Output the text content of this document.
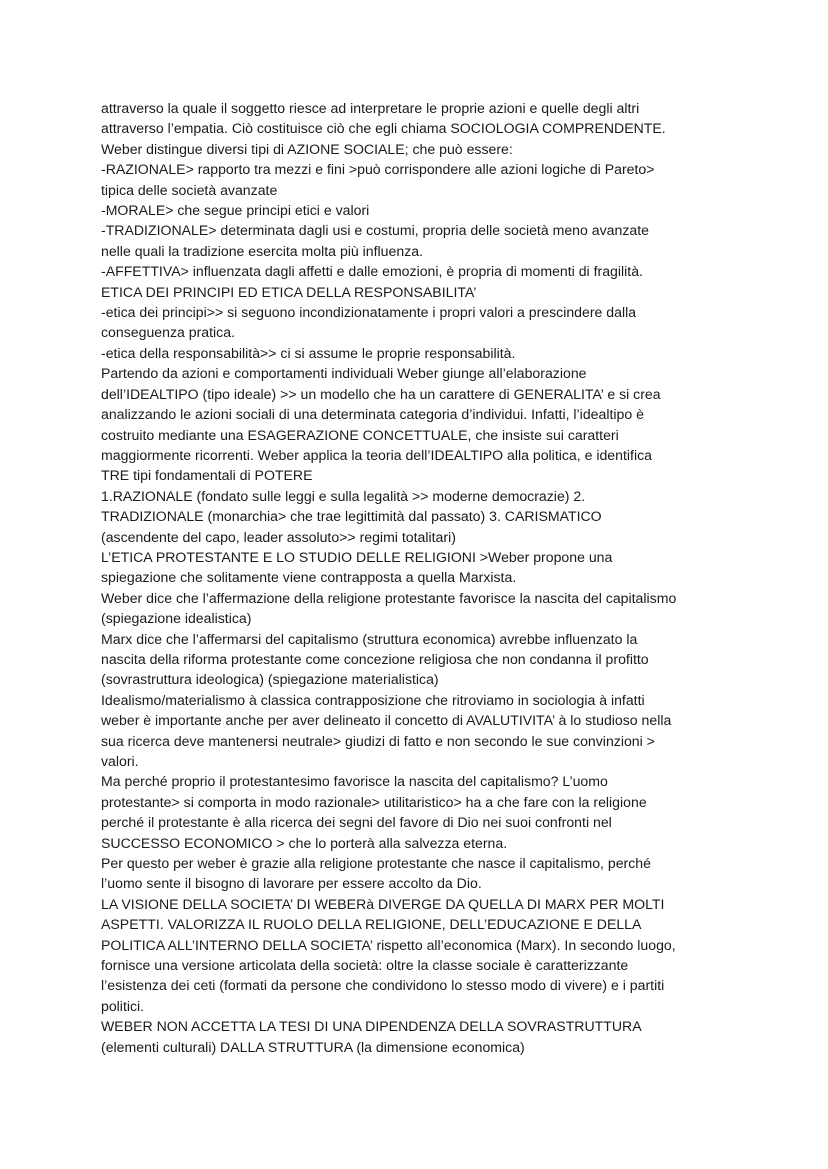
attraverso la quale il soggetto riesce ad interpretare le proprie azioni e quelle degli altri

attraverso l’empatia. Ciò costituisce ciò che egli chiama SOCIOLOGIA COMPRENDENTE.

Weber distingue diversi tipi di AZIONE SOCIALE; che può essere:

-RAZIONALE> rapporto tra mezzi e fini >può corrispondere alle azioni logiche di Pareto>

tipica delle società avanzate

-MORALE> che segue principi etici e valori

-TRADIZIONALE> determinata dagli usi e costumi, propria delle società meno avanzate

nelle quali la tradizione esercita molta più influenza.

-AFFETTIVA> influenzata dagli affetti e dalle emozioni, è propria di momenti di fragilità.

ETICA DEI PRINCIPI ED ETICA DELLA RESPONSABILITA’

-etica dei principi>> si seguono incondizionatamente i propri valori a prescindere dalla

conseguenza pratica.

-etica della responsabilità>> ci si assume le proprie responsabilità.

Partendo da azioni e comportamenti individuali Weber giunge all’elaborazione

dell’IDEALTIPO (tipo ideale) >> un modello che ha un carattere di GENERALITA’ e si crea

analizzando le azioni sociali di una determinata categoria d’individui. Infatti, l’idealtipo è

costruito mediante una ESAGERAZIONE CONCETTUALE, che insiste sui caratteri

maggiormente ricorrenti. Weber applica la teoria dell’IDEALTIPO alla politica, e identifica

TRE tipi fondamentali di POTERE

1.RAZIONALE (fondato sulle leggi e sulla legalità >> moderne democrazie) 2.

TRADIZIONALE (monarchia> che trae legittimità dal passato) 3. CARISMATICO

(ascendente del capo, leader assoluto>> regimi totalitari)

L’ETICA PROTESTANTE E LO STUDIO DELLE RELIGIONI >Weber propone una

spiegazione che solitamente viene contrapposta a quella Marxista.

Weber dice che l’affermazione della religione protestante favorisce la nascita del capitalismo

(spiegazione idealistica)

Marx dice che l’affermarsi del capitalismo (struttura economica) avrebbe influenzato la

nascita della riforma protestante come concezione religiosa che non condanna il profitto

(sovrastruttura ideologica) (spiegazione materialistica)

Idealismo/materialismo à classica contrapposizione che ritroviamo in sociologia à infatti

weber è importante anche per aver delineato il concetto di AVALUTIVITA’ à lo studioso nella

sua ricerca deve mantenersi neutrale> giudizi di fatto e non secondo le sue convinzioni >

valori.

Ma perché proprio il protestantesimo favorisce la nascita del capitalismo? L’uomo

protestante> si comporta in modo razionale> utilitaristico> ha a che fare con la religione

perché il protestante è alla ricerca dei segni del favore di Dio nei suoi confronti nel

SUCCESSO ECONOMICO > che lo porterà alla salvezza eterna.

Per questo per weber è grazie alla religione protestante che nasce il capitalismo, perché

l’uomo sente il bisogno di lavorare per essere accolto da Dio.

LA VISIONE DELLA SOCIETA’ DI WEBERà DIVERGE DA QUELLA DI MARX PER MOLTI

ASPETTI. VALORIZZA IL RUOLO DELLA RELIGIONE, DELL’EDUCAZIONE E DELLA

POLITICA ALL’INTERNO DELLA SOCIETA’ rispetto all’economica (Marx). In secondo luogo,

fornisce una versione articolata della società: oltre la classe sociale è caratterizzante

l’esistenza dei ceti (formati da persone che condividono lo stesso modo di vivere) e i partiti

politici.

WEBER NON ACCETTA LA TESI DI UNA DIPENDENZA DELLA SOVRASTRUTTURA

(elementi culturali) DALLA STRUTTURA (la dimensione economica)
